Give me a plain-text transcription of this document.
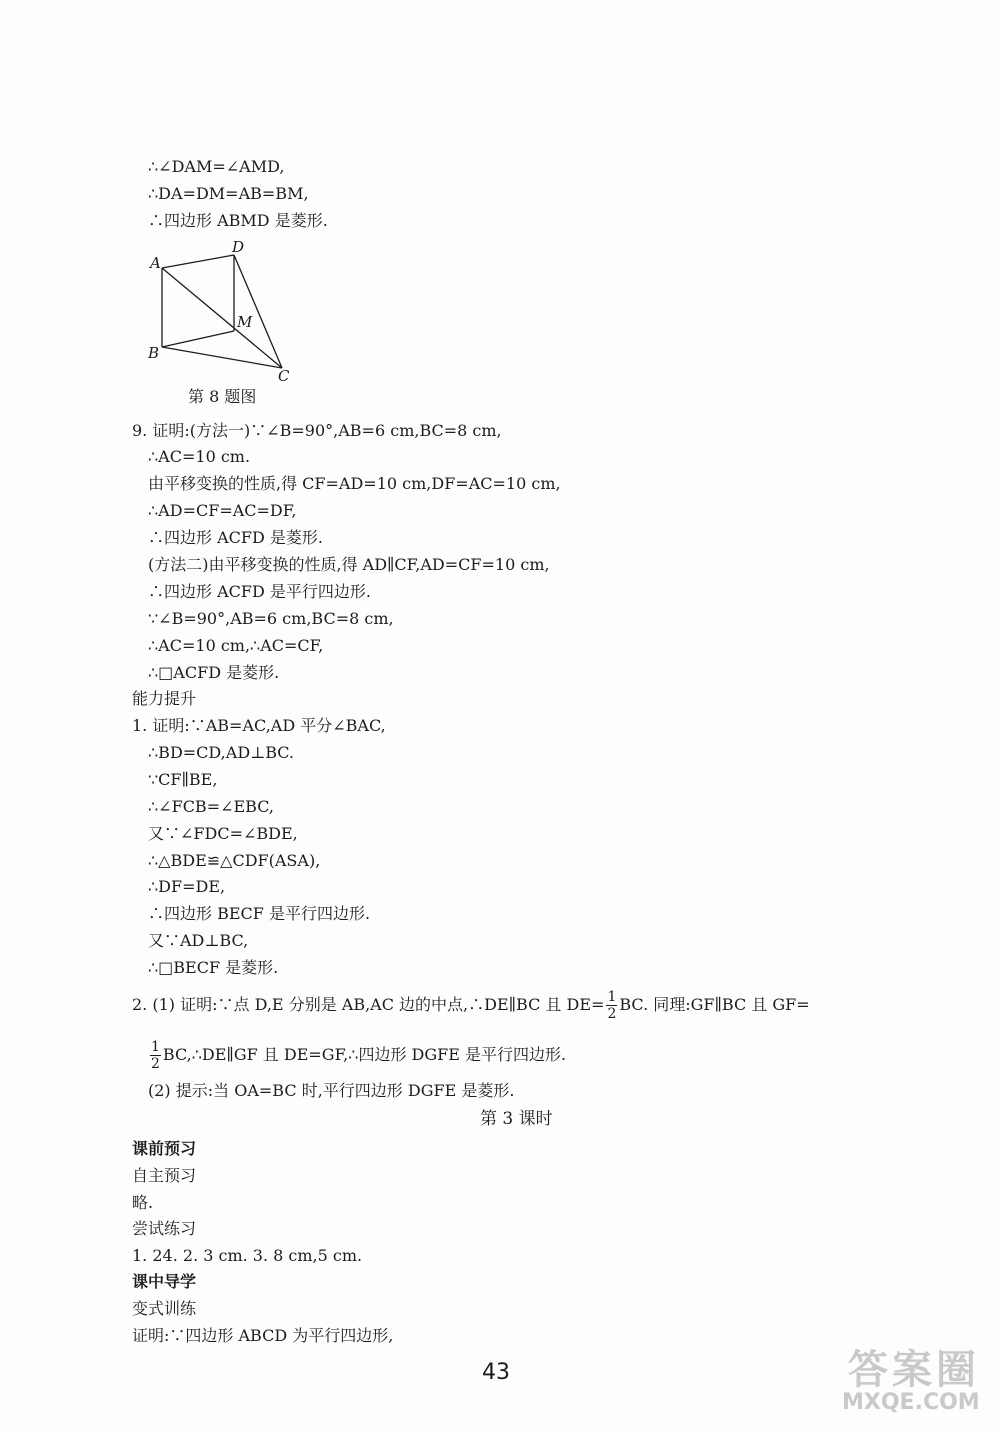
∴∠DAM=∠AMD,
∴DA=DM=AB=BM,
∴四边形 ABMD 是菱形.
A
D
M
B
C
第 8 题图
9. 证明:(方法一)∵∠B=90°,AB=6 cm,BC=8 cm,
∴AC=10 cm.
由平移变换的性质,得 CF=AD=10 cm,DF=AC=10 cm,
∴AD=CF=AC=DF,
∴四边形 ACFD 是菱形.
(方法二)由平移变换的性质,得 AD∥CF,AD=CF=10 cm,
∴四边形 ACFD 是平行四边形.
∵∠B=90°,AB=6 cm,BC=8 cm,
∴AC=10 cm,∴AC=CF,
∴□ACFD 是菱形.
能力提升
1. 证明:∵AB=AC,AD 平分∠BAC,
∴BD=CD,AD⊥BC.
∵CF∥BE,
∴∠FCB=∠EBC,
又∵∠FDC=∠BDE,
∴△BDE≌△CDF(ASA),
∴DF=DE,
∴四边形 BECF 是平行四边形.
又∵AD⊥BC,
∴□BECF 是菱形.
2. (1) 证明:∵点 D,E 分别是 AB,AC 边的中点,∴DE∥BC 且 $DE= \frac{1}{2}$ BC. 同理:GF∥BC 且 GF=
$\frac{1}{2}$ BC,∴DE∥GF 且 DE=GF,∴四边形 DGFE 是平行四边形.
(2) 提示:当 OA=BC 时,平行四边形 DGFE 是菱形.
第 3 课时
课前预习
自主预习
略.
尝试练习
1. 24. 2. 3 cm. 3. 8 cm,5 cm.
课中导学
变式训练
证明:∵四边形 ABCD 为平行四边形,
43	答案圈
MXQE.COM
